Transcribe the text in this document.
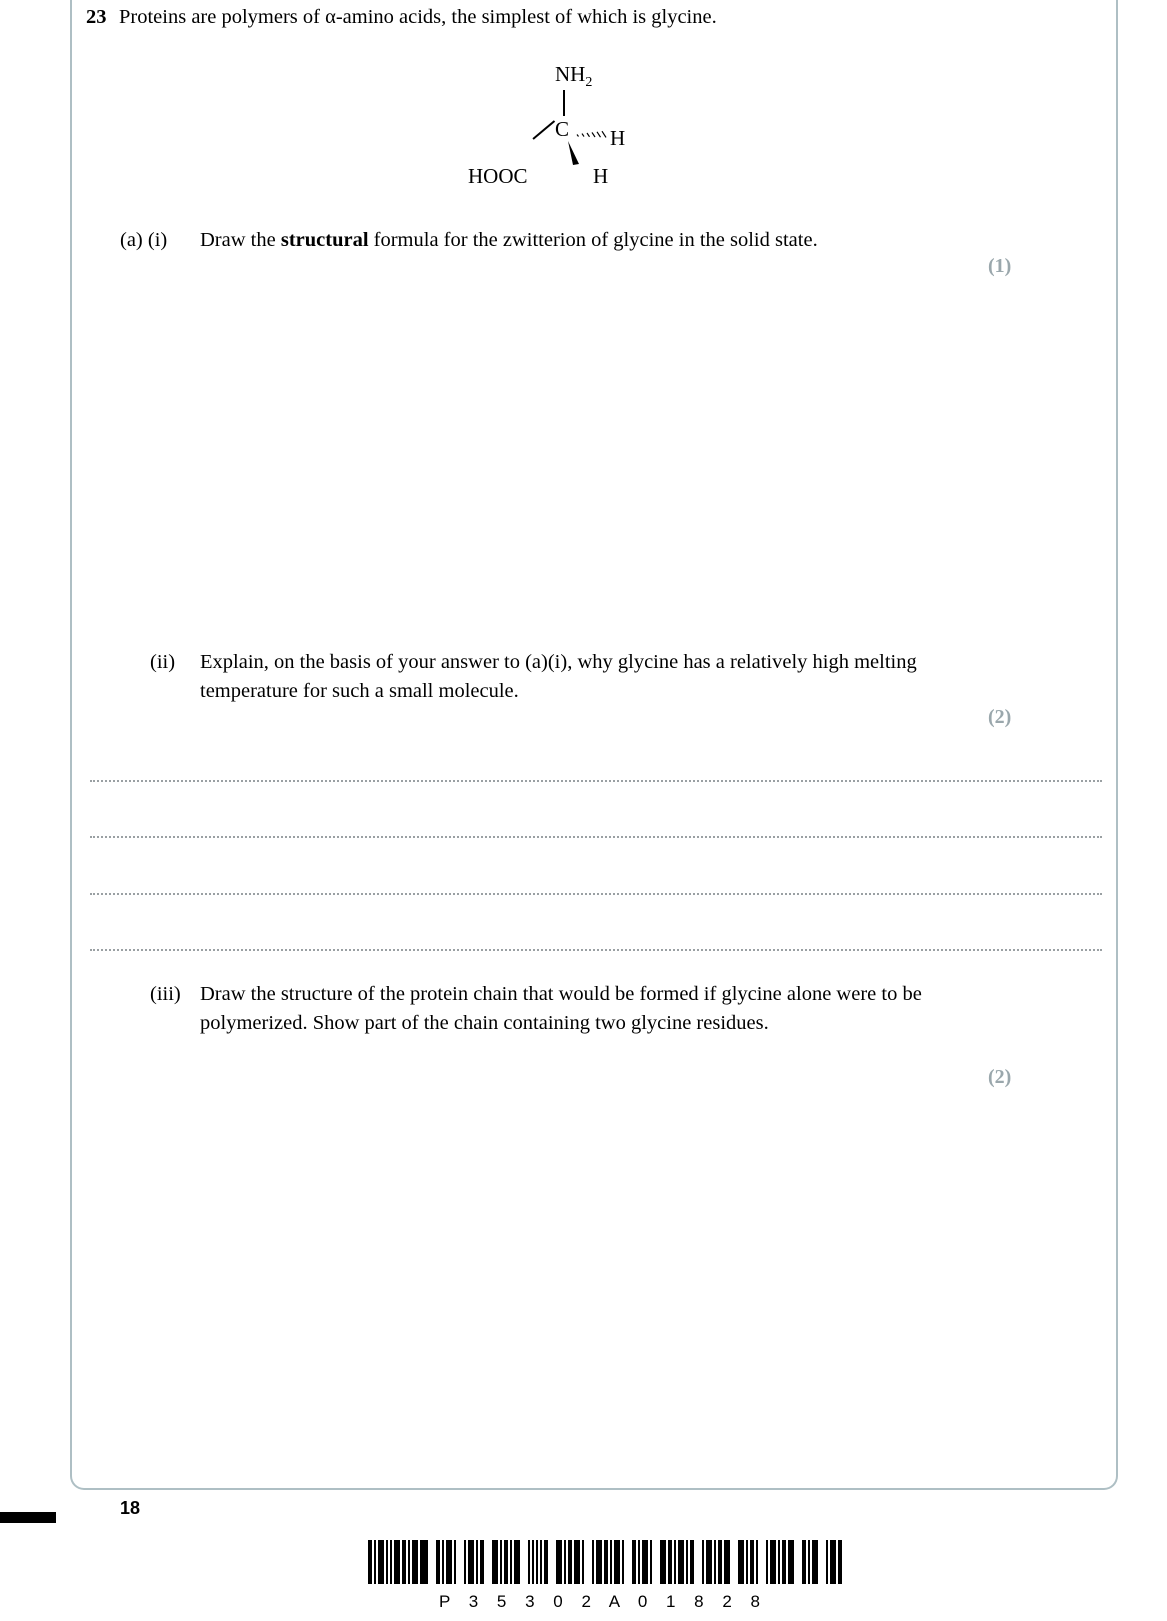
23 Proteins are polymers of α-amino acids, the simplest of which is glycine.
$NH_2$
C H
HOOC	H
(a) (i) Draw the structural formula for the zwitterion of glycine in the solid state.
(1)
(ii) Explain, on the basis of your answer to (a)(i), why glycine has a relatively high melting temperature for such a small molecule.
(2)
(iii) Draw the structure of the protein chain that would be formed if glycine alone were to be polymerized. Show part of the chain containing two glycine residues.
(2)
18
P 3 5 3 0 2 A 0 1 8 2 8
